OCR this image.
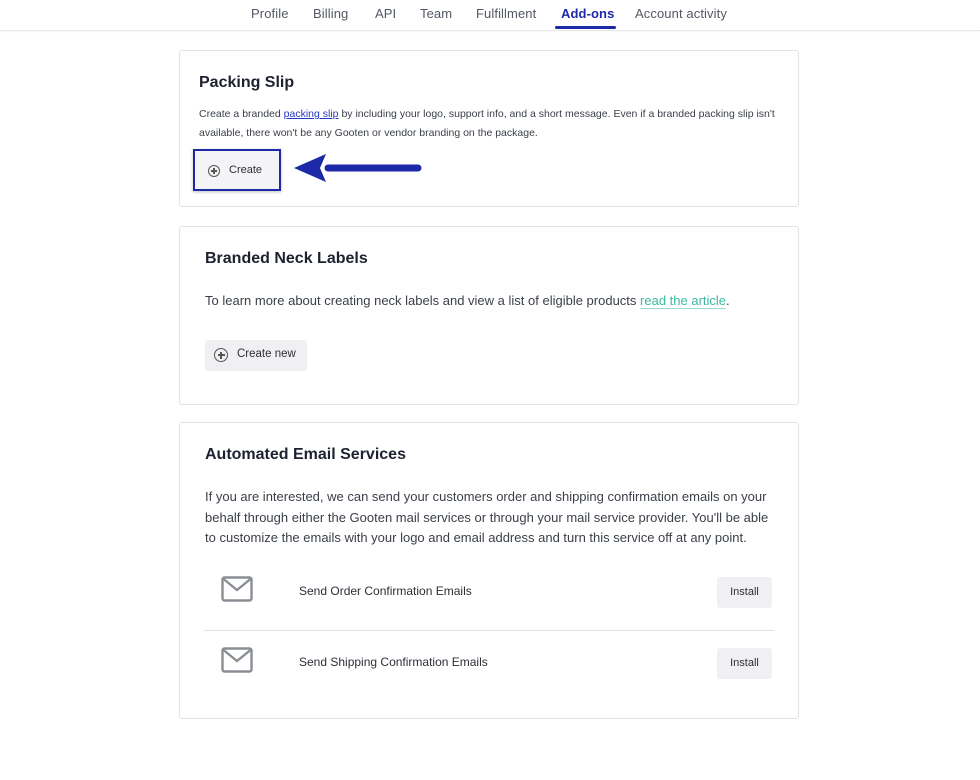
Profile Billing API Team Fulfillment Add-ons Account activity
Packing Slip
Create a branded packing slip by including your logo, support info, and a short message. Even if a branded packing slip isn't available, there won't be any Gooten or vendor branding on the package.
Create
Branded Neck Labels
To learn more about creating neck labels and view a list of eligible products read the article.
Create new
Automated Email Services
If you are interested, we can send your customers order and shipping confirmation emails on your behalf through either the Gooten mail services or through your mail service provider. You'll be able to customize the emails with your logo and email address and turn this service off at any point.
Send Order Confirmation Emails	Install
Send Shipping Confirmation Emails	Install
